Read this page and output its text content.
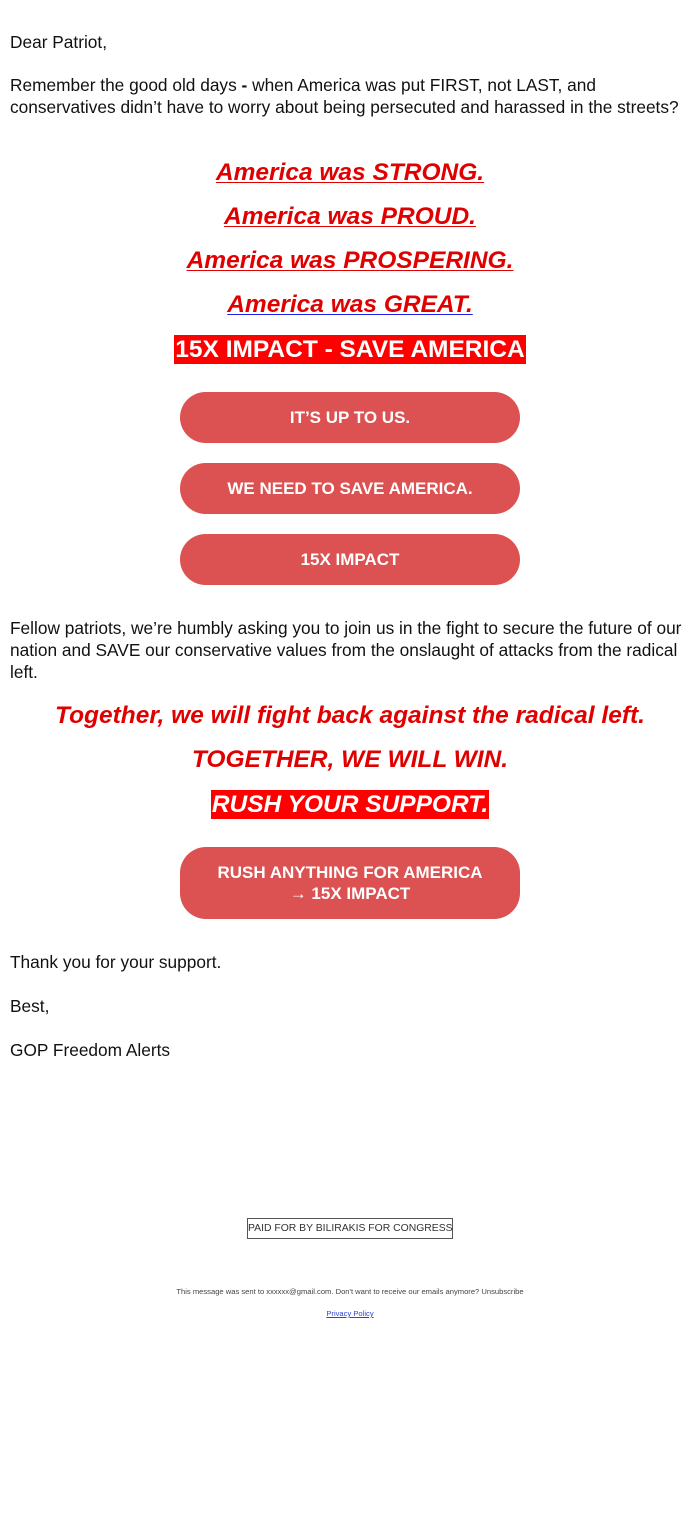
Dear Patriot,

Remember the good old days - when America was put FIRST, not LAST, and conservatives didn’t have to worry about being persecuted and harassed in the streets?

America was STRONG.

America was PROUD.

America was PROSPERING.

America was GREAT.

15X IMPACT - SAVE AMERICA
IT’S UP TO US.
WE NEED TO SAVE AMERICA.
15X IMPACT

Fellow patriots, we’re humbly asking you to join us in the fight to secure the future of our nation and SAVE our conservative values from the onslaught of attacks from the radical left.

Together, we will fight back against the radical left.

TOGETHER, WE WILL WIN.

RUSH YOUR SUPPORT.
RUSH ANYTHING FOR AMERICA
→ 15X IMPACT

Thank you for your support.

Best,

GOP Freedom Alerts

PAID FOR BY BILIRAKIS FOR CONGRESS
This message was sent to xxxxxx@gmail.com. Don't want to receive our emails anymore? Unsubscribe
Privacy Policy
